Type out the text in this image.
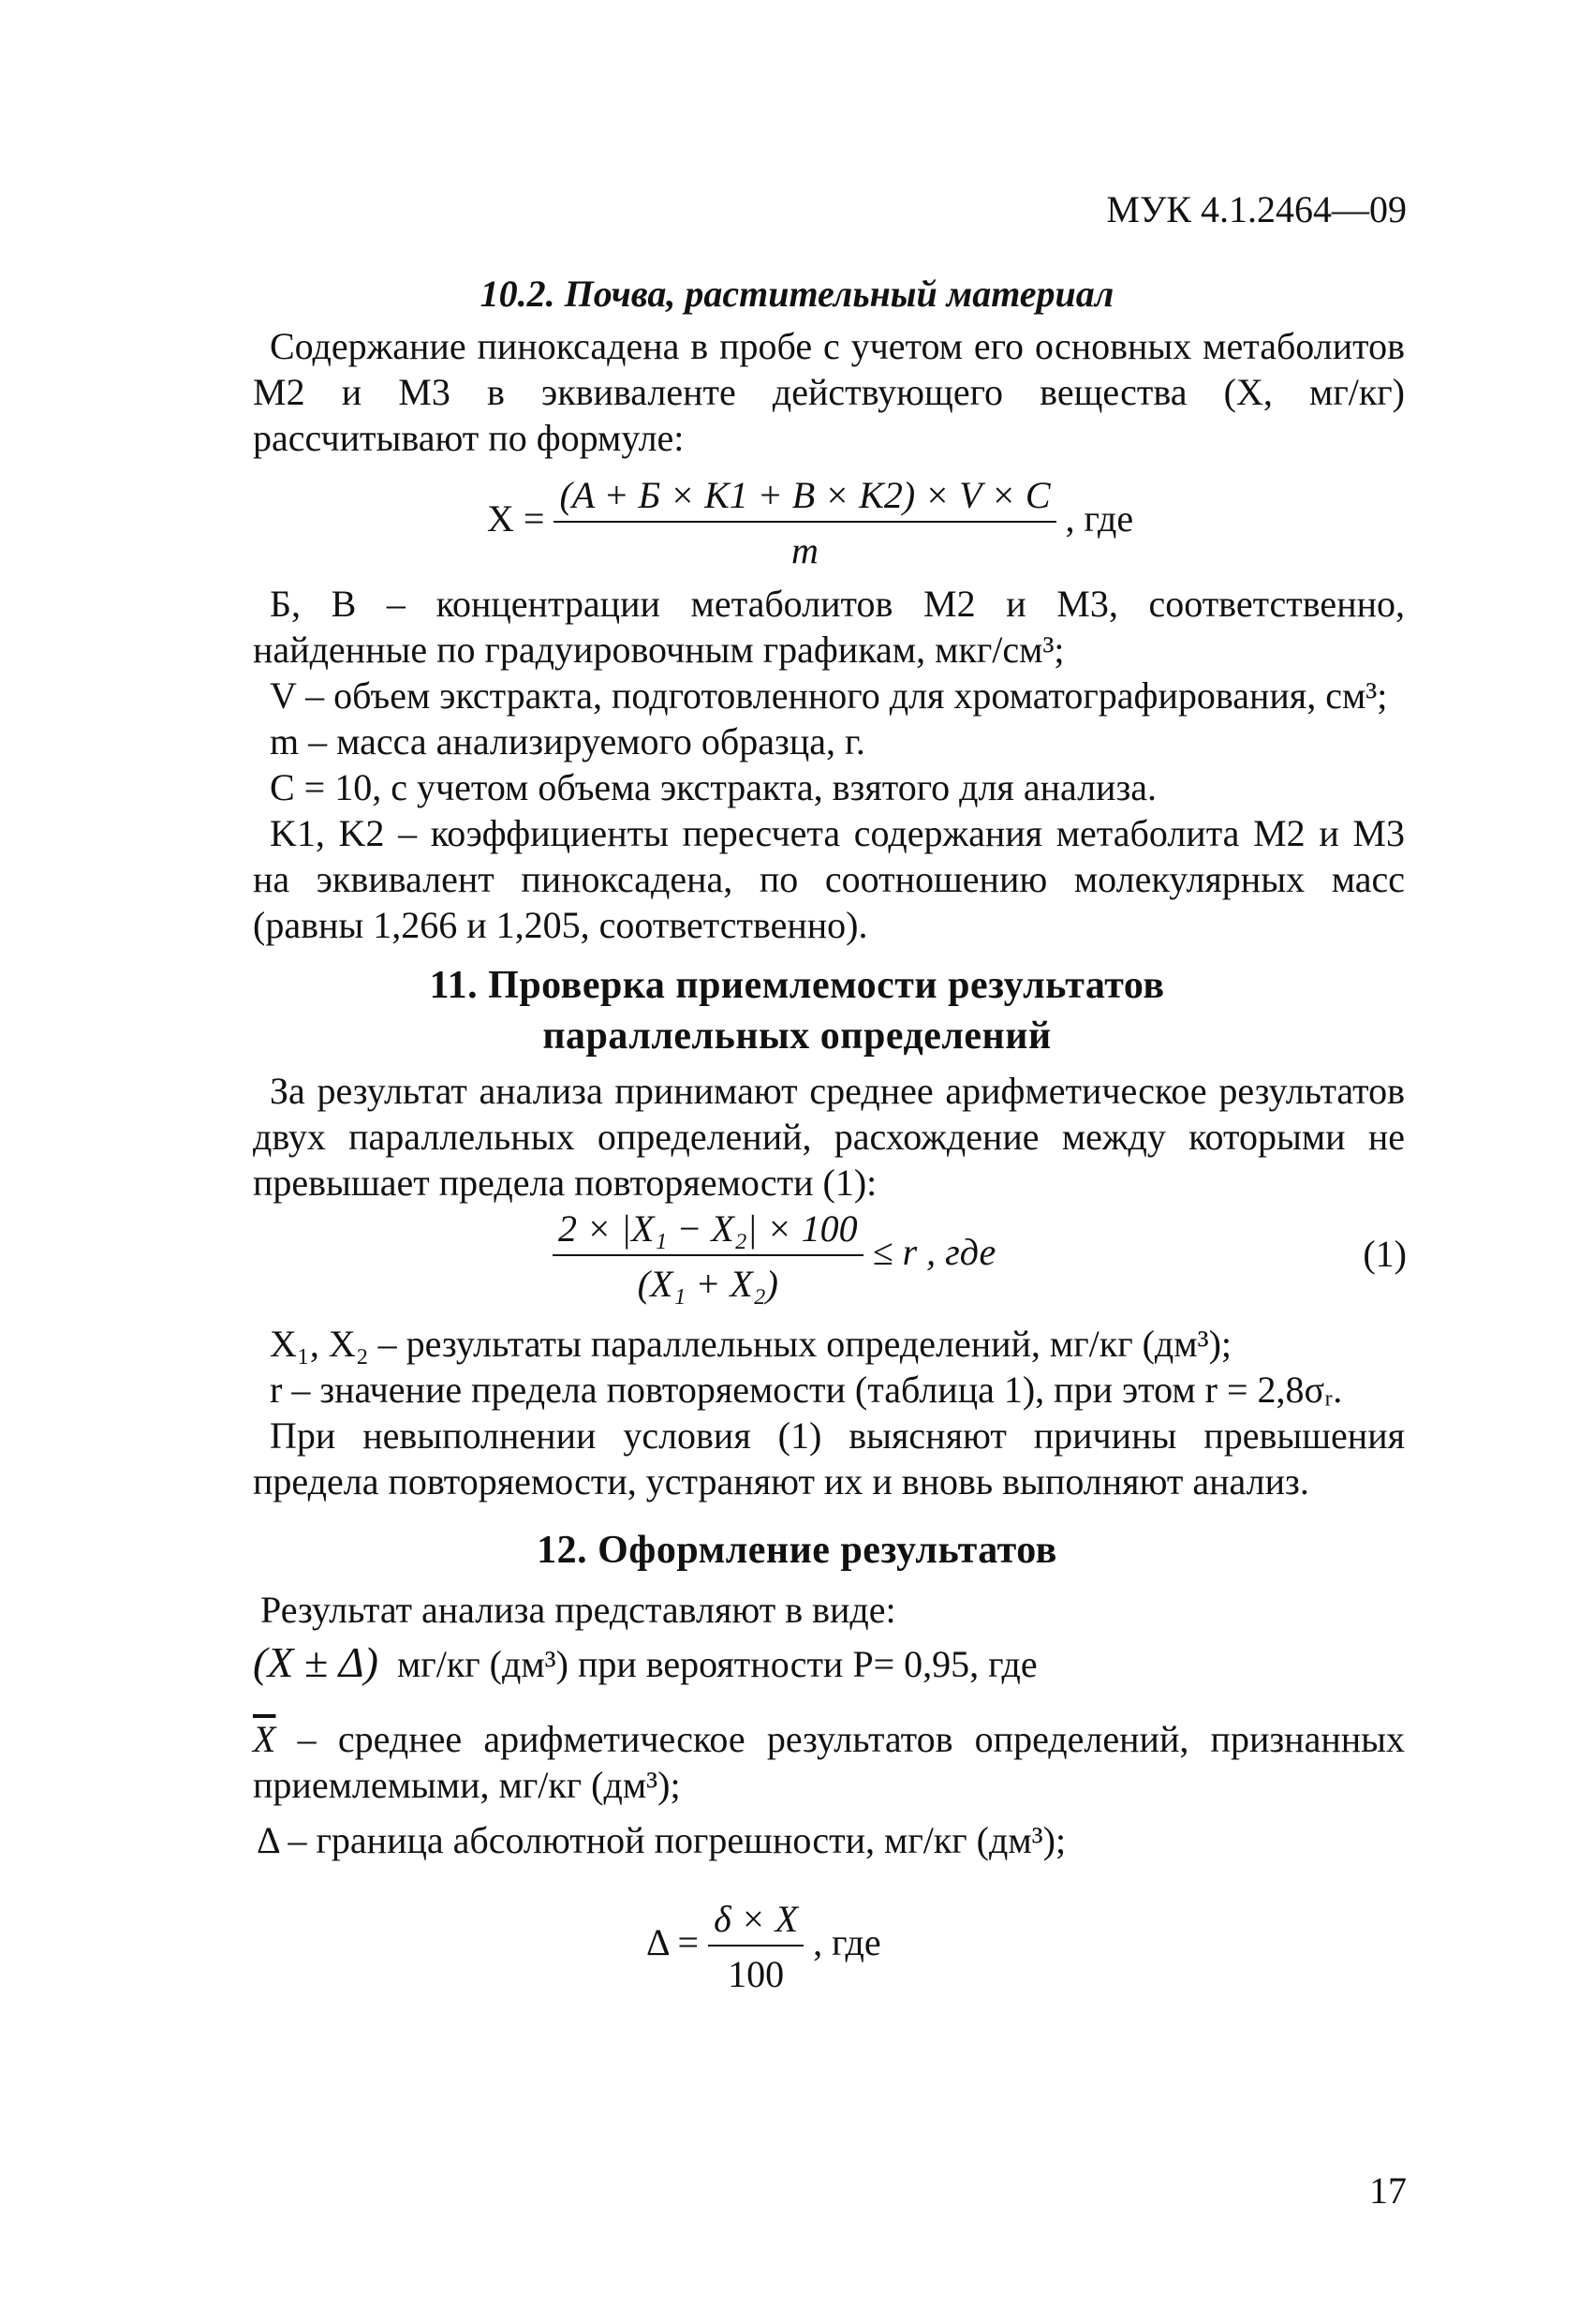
МУК 4.1.2464—09
10.2. Почва, растительный материал
Содержание пиноксадена в пробе с учетом его основных метаболитов М2 и М3 в эквиваленте действующего вещества (X, мг/кг) рассчитывают по формуле:
$X = \frac{(A + Б \times K1 + B \times K2) \times V \times C}{m}$ , где
Б, В – концентрации метаболитов М2 и М3, соответственно, найденные по градуировочным графикам, мкг/см³;
V – объем экстракта, подготовленного для хроматографирования, см³;
m – масса анализируемого образца, г.
C = 10, с учетом объема экстракта, взятого для анализа.
K1, K2 – коэффициенты пересчета содержания метаболита М2 и М3 на эквивалент пиноксадена, по соотношению молекулярных масс (равны 1,266 и 1,205, соответственно).
11. Проверка приемлемости результатов
параллельных определений
За результат анализа принимают среднее арифметическое результатов двух параллельных определений, расхождение между которыми не превышает предела повторяемости (1):
$\frac{\text{2 × |X₁ − X₂| × 100}}{\text{(X₁ + X₂)}} \le r$ , где	(1)
X₁, X₂ – результаты параллельных определений, мг/кг (дм³);
r – значение предела повторяемости (таблица 1), при этом r = 2,8σᵣ.
При невыполнении условия (1) выясняют причины превышения предела повторяемости, устраняют их и вновь выполняют анализ.
12. Оформление результатов
Результат анализа представляют в виде:
(X ± Δ) мг/кг (дм³) при вероятности P= 0,95, где
$\overline{X}$ – среднее арифметическое результатов определений, признанных приемлемыми, мг/кг (дм³);
Δ – граница абсолютной погрешности, мг/кг (дм³);
$\Delta = \frac{\delta \times X}{100}$ , где
17
